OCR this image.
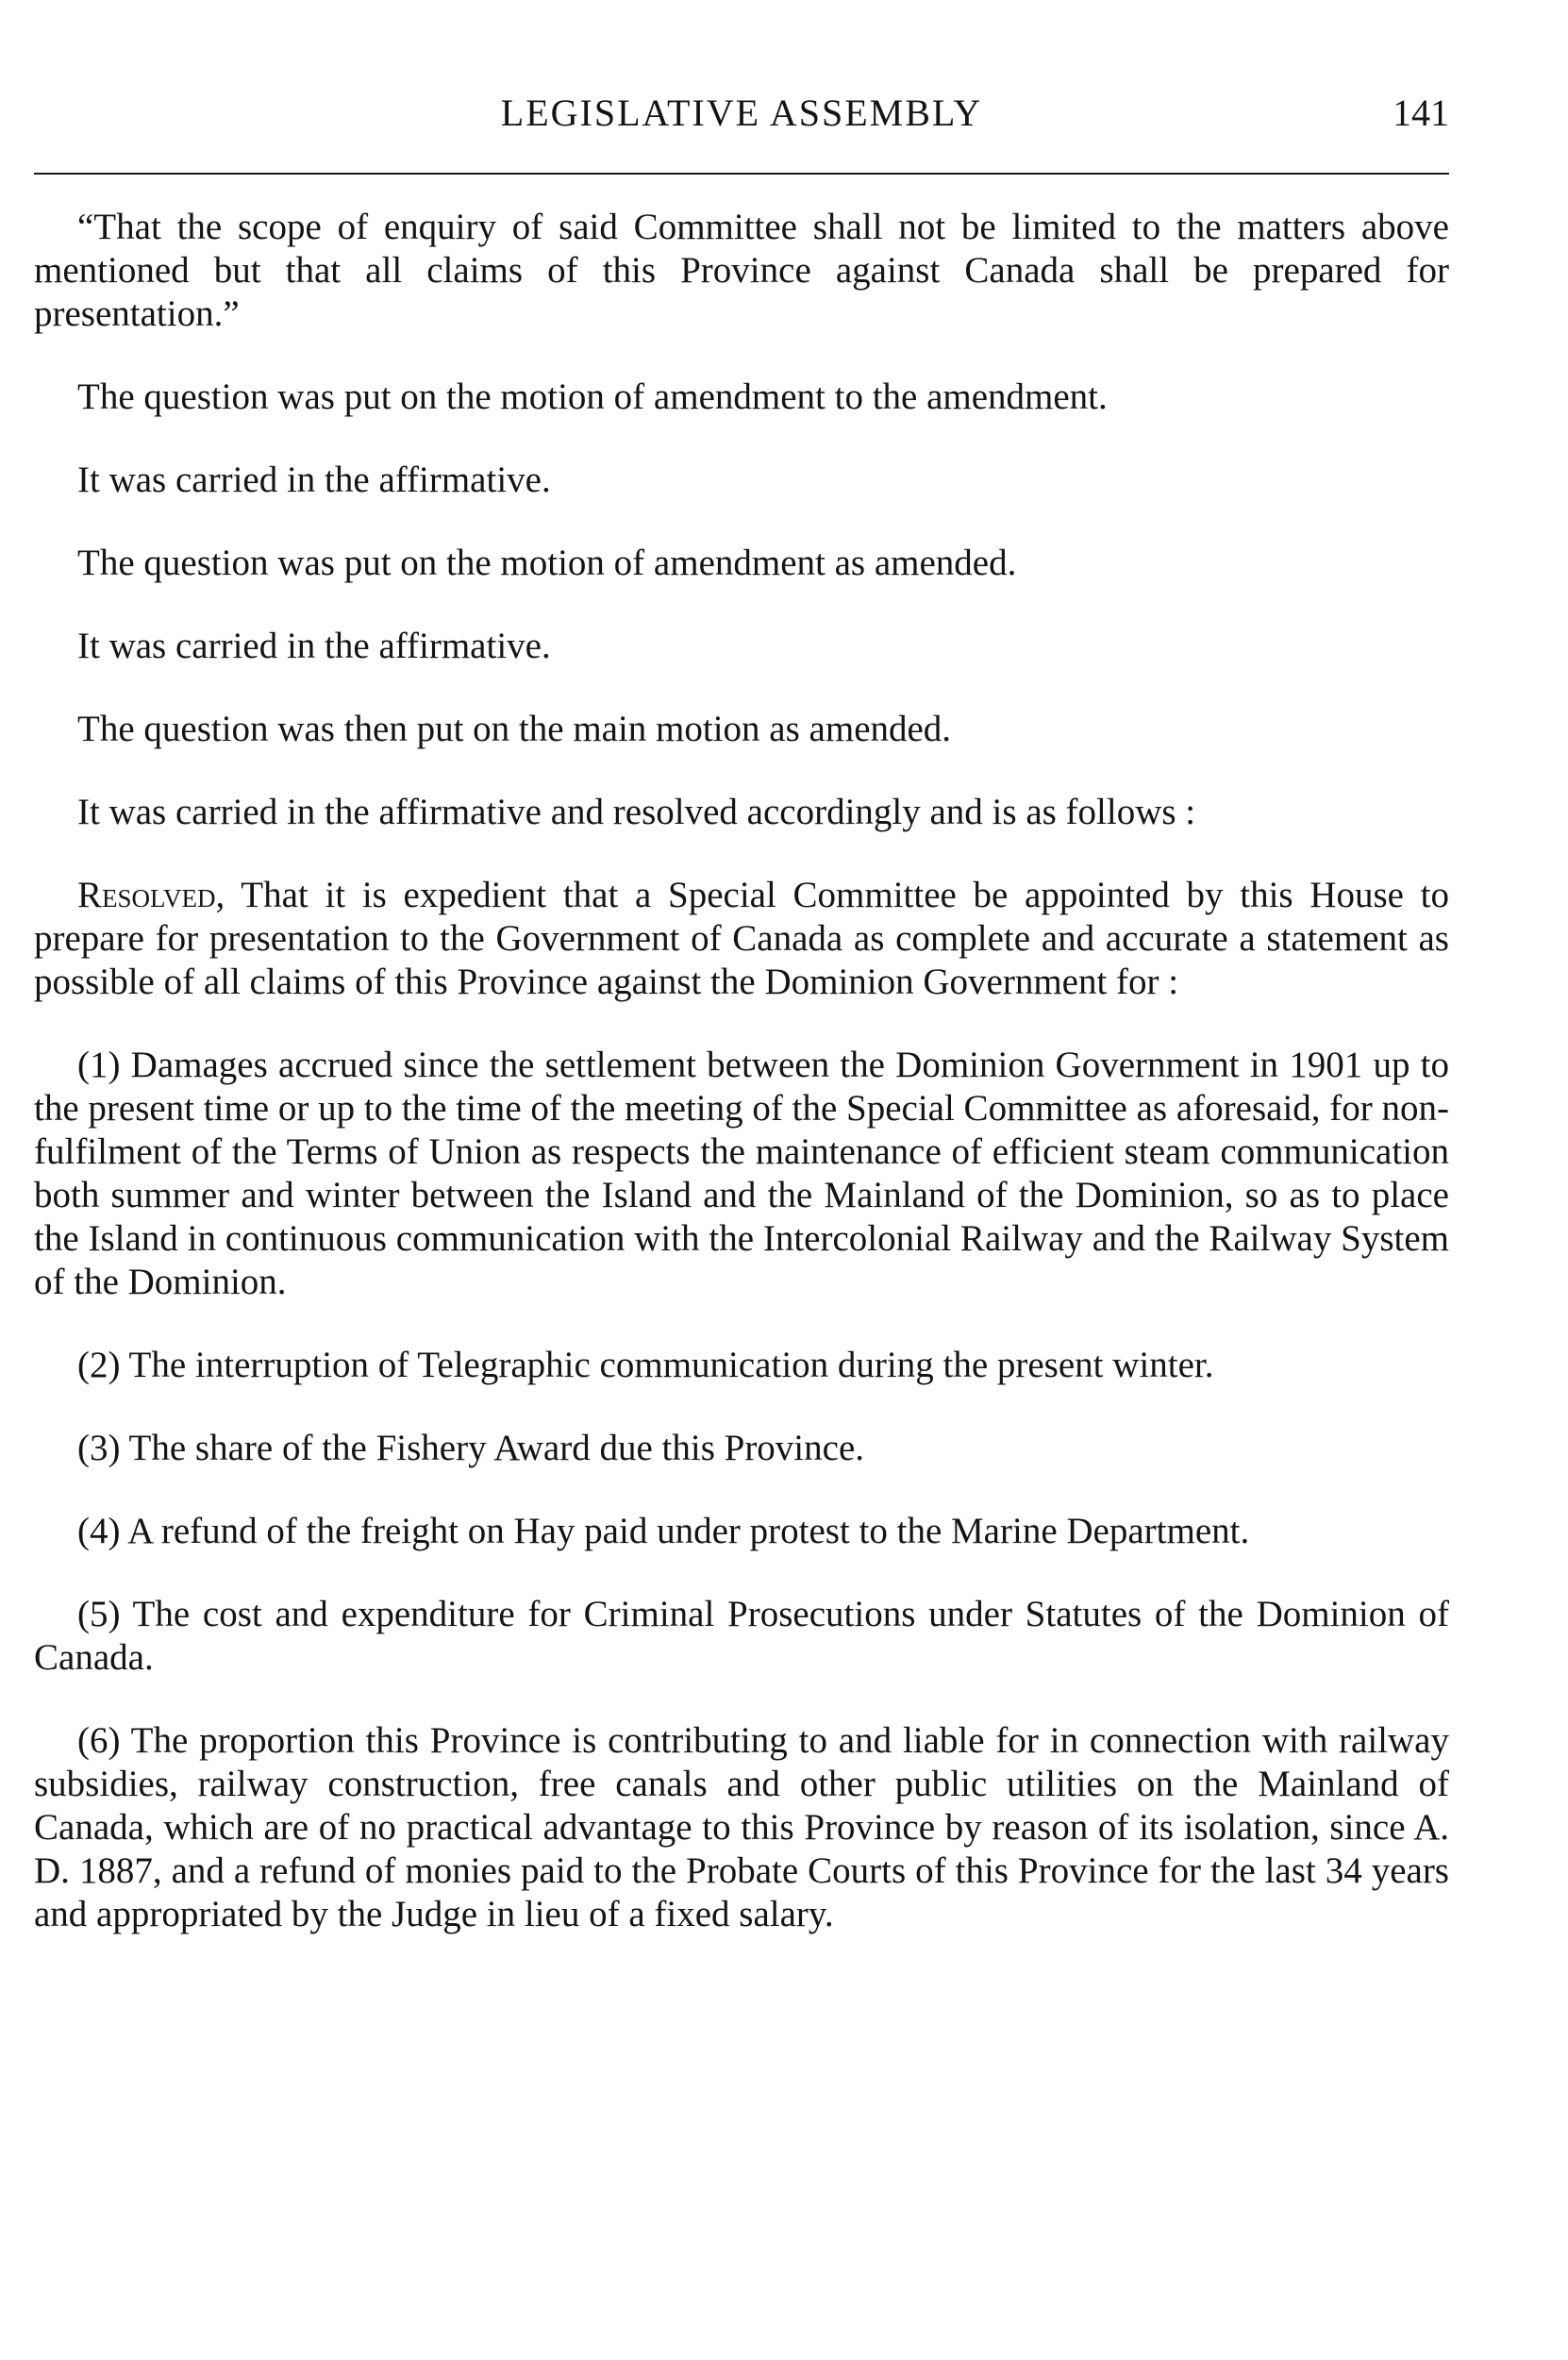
LEGISLATIVE ASSEMBLY	141

“That the scope of enquiry of said Committee shall not be limited to the matters above mentioned but that all claims of this Province against Canada shall be prepared for presentation.”

The question was put on the motion of amendment to the amendment.

It was carried in the affirmative.

The question was put on the motion of amendment as amended.

It was carried in the affirmative.

The question was then put on the main motion as amended.

It was carried in the affirmative and resolved accordingly and is as follows :

Resolved, That it is expedient that a Special Committee be appointed by this House to prepare for presentation to the Government of Canada as complete and accurate a statement as possible of all claims of this Province against the Dominion Government for :

(1) Damages accrued since the settlement between the Dominion Government in 1901 up to the present time or up to the time of the meeting of the Special Committee as aforesaid, for non-fulfilment of the Terms of Union as respects the maintenance of efficient steam communication both summer and winter between the Island and the Mainland of the Dominion, so as to place the Island in continuous communication with the Intercolonial Railway and the Railway System of the Dominion.

(2) The interruption of Telegraphic communication during the present winter.

(3) The share of the Fishery Award due this Province.

(4) A refund of the freight on Hay paid under protest to the Marine Department.

(5) The cost and expenditure for Criminal Prosecutions under Statutes of the Dominion of Canada.

(6) The proportion this Province is contributing to and liable for in connection with railway subsidies, railway construction, free canals and other public utilities on the Mainland of Canada, which are of no practical advantage to this Province by reason of its isolation, since A. D. 1887, and a refund of monies paid to the Probate Courts of this Province for the last 34 years and appropriated by the Judge in lieu of a fixed salary.
